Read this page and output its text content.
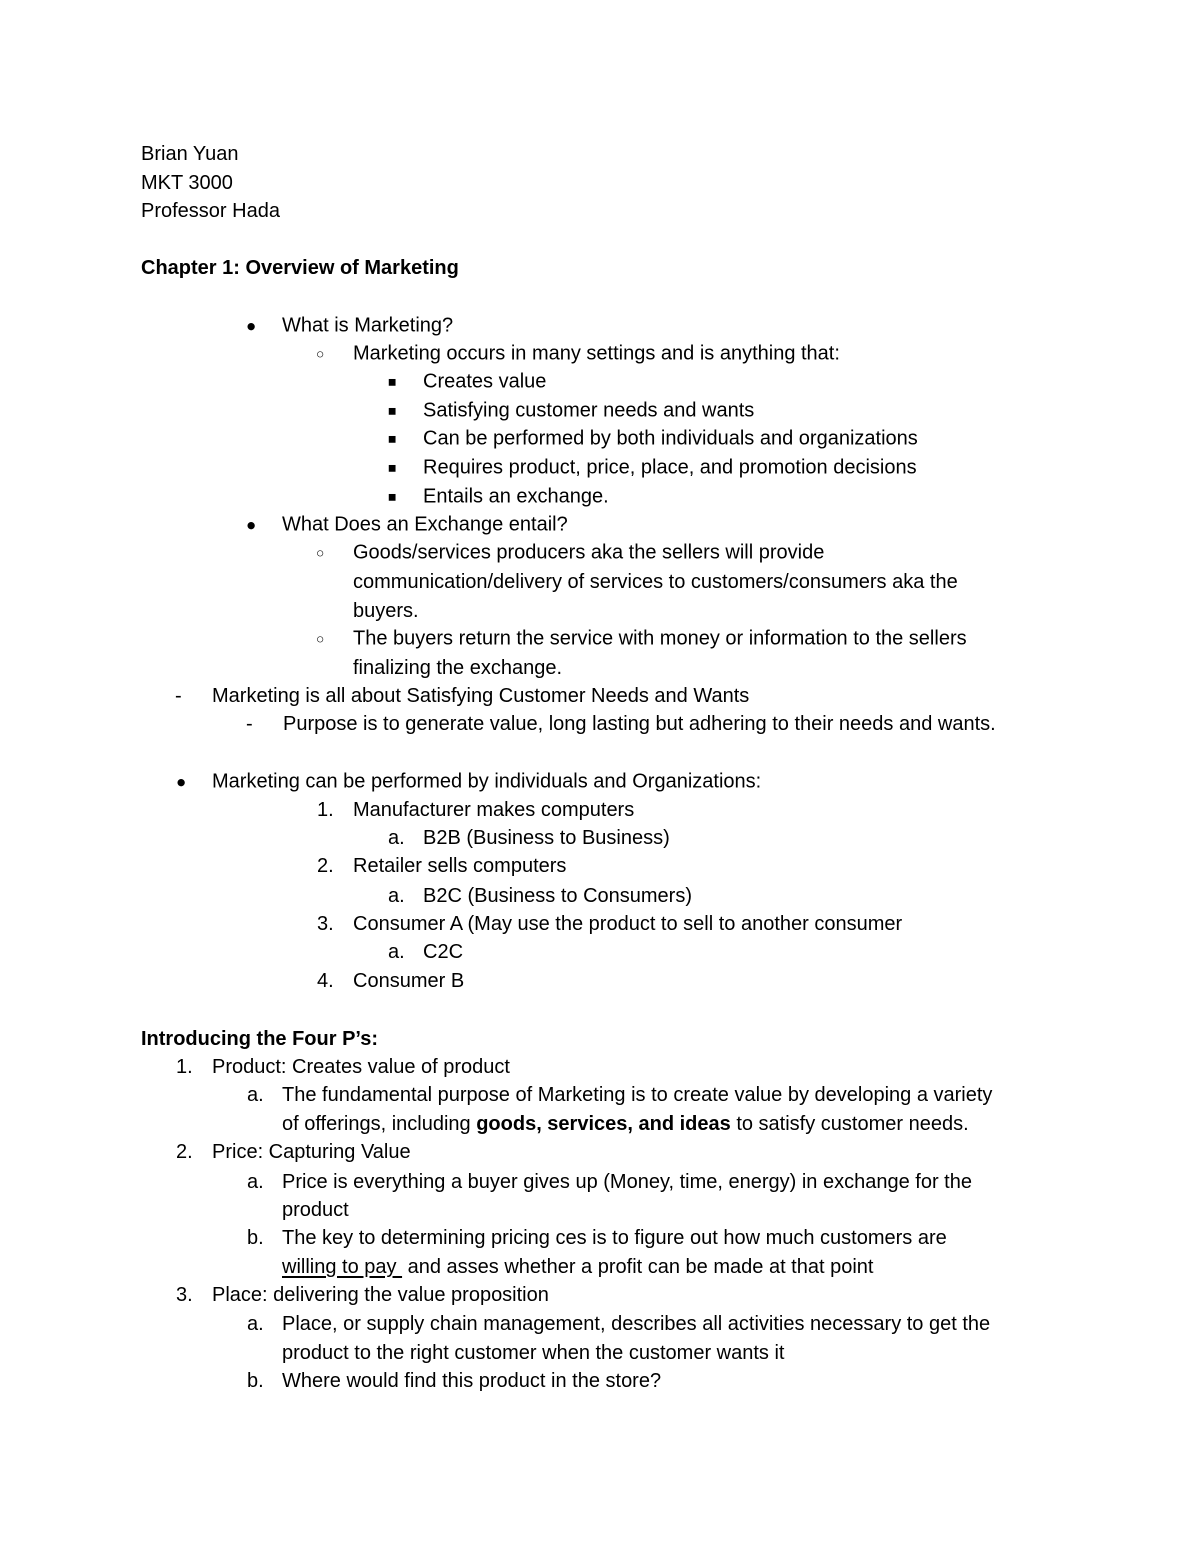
Brian Yuan
MKT 3000
Professor Hada
Chapter 1: Overview of Marketing
● What is Marketing?
○ Marketing occurs in many settings and is anything that:
■ Creates value
■ Satisfying customer needs and wants
■ Can be performed by both individuals and organizations
■ Requires product, price, place, and promotion decisions
■ Entails an exchange.
● What Does an Exchange entail?
○ Goods/services producers aka the sellers will provide
communication/delivery of services to customers/consumers aka the
buyers.
○ The buyers return the service with money or information to the sellers
finalizing the exchange.
- Marketing is all about Satisfying Customer Needs and Wants
- Purpose is to generate value, long lasting but adhering to their needs and wants.
● Marketing can be performed by individuals and Organizations:
1. Manufacturer makes computers
a. B2B (Business to Business)
2. Retailer sells computers
a. B2C (Business to Consumers)
3. Consumer A (May use the product to sell to another consumer
a. C2C
4. Consumer B
Introducing the Four P’s:
1. Product: Creates value of product
a. The fundamental purpose of Marketing is to create value by developing a variety
of offerings, including goods, services, and ideas to satisfy customer needs.
2. Price: Capturing Value
a. Price is everything a buyer gives up (Money, time, energy) in exchange for the
product
b. The key to determining pricing ces is to figure out how much customers are
willing to pay  and asses whether a profit can be made at that point
3. Place: delivering the value proposition
a. Place, or supply chain management, describes all activities necessary to get the
product to the right customer when the customer wants it
b. Where would find this product in the store?
